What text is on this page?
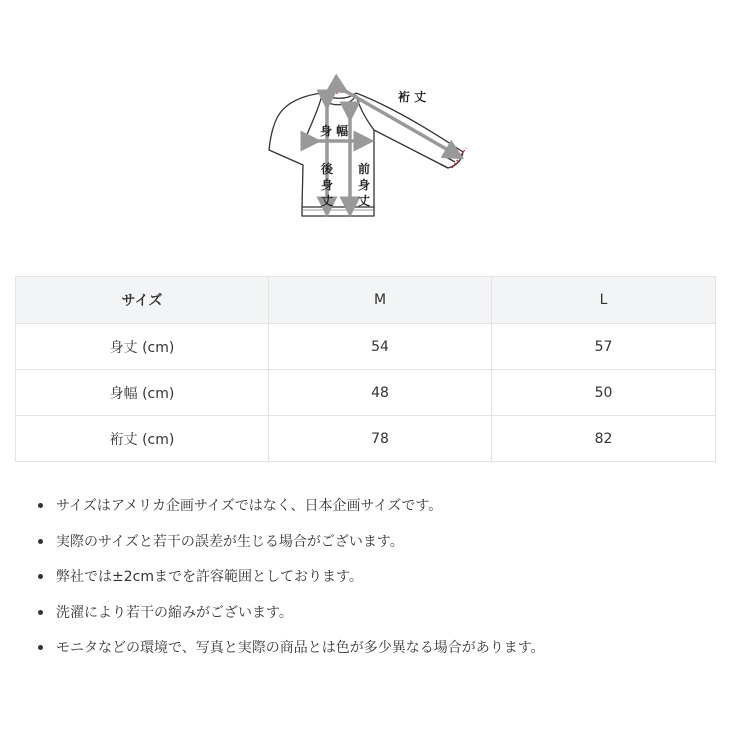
裄 丈
身 幅
後
身
丈
前
身
丈
サイズ	M	L
身丈 (cm)	54	57
身幅 (cm)	48	50
裄丈 (cm)	78	82
サイズはアメリカ企画サイズではなく、日本企画サイズです。
実際のサイズと若干の誤差が生じる場合がございます。
弊社では±2cmまでを許容範囲としております。
洗濯により若干の縮みがございます。
モニタなどの環境で、写真と実際の商品とは色が多少異なる場合があります。
